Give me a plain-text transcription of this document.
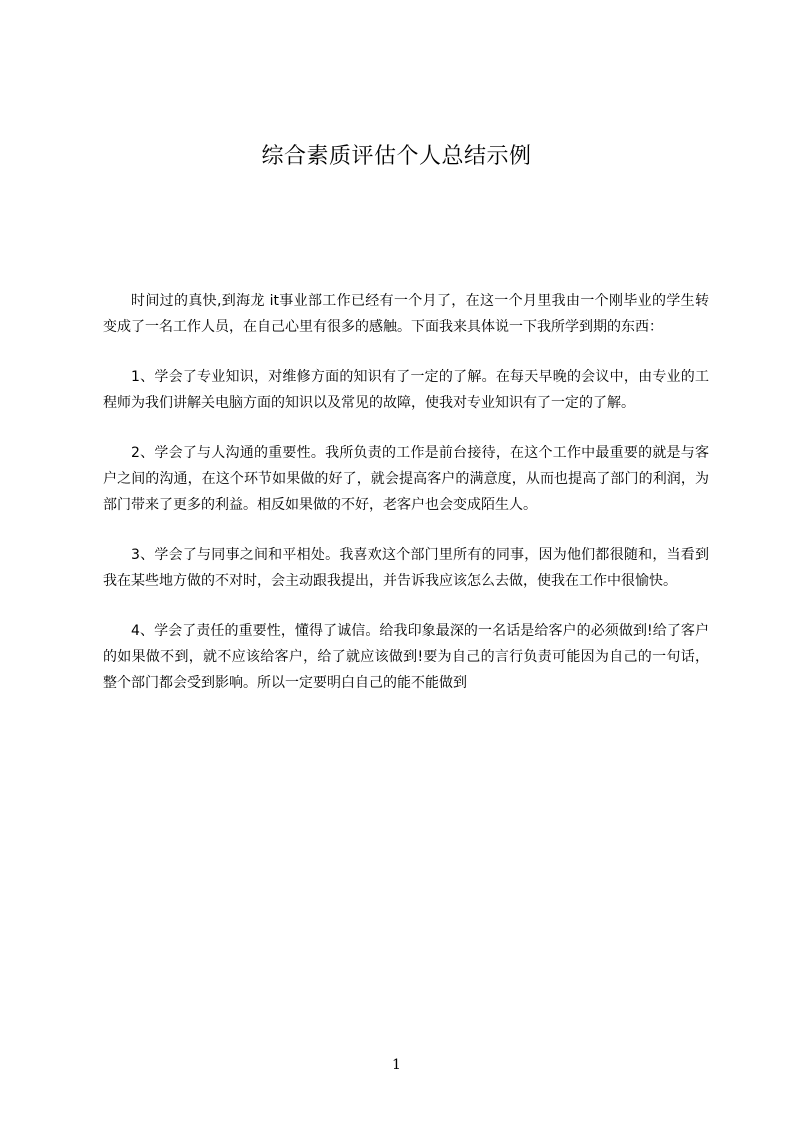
综合素质评估个人总结示例

时间过的真快,到海龙 it事业部工作已经有一个月了，在这一个月里我由一个刚毕业的学生转变成了一名工作人员，在自己心里有很多的感触。下面我来具体说一下我所学到期的东西：

1、学会了专业知识，对维修方面的知识有了一定的了解。在每天早晚的会议中，由专业的工程师为我们讲解关电脑方面的知识以及常见的故障，使我对专业知识有了一定的了解。

2、学会了与人沟通的重要性。我所负责的工作是前台接待，在这个工作中最重要的就是与客户之间的沟通，在这个环节如果做的好了，就会提高客户的满意度，从而也提高了部门的利润，为部门带来了更多的利益。相反如果做的不好，老客户也会变成陌生人。

3、学会了与同事之间和平相处。我喜欢这个部门里所有的同事，因为他们都很随和，当看到我在某些地方做的不对时，会主动跟我提出，并告诉我应该怎么去做，使我在工作中很愉快。

4、学会了责任的重要性，懂得了诚信。给我印象最深的一名话是给客户的必须做到!给了客户的如果做不到，就不应该给客户，给了就应该做到!要为自己的言行负责可能因为自己的一句话，整个部门都会受到影响。所以一定要明白自己的能不能做到

1
